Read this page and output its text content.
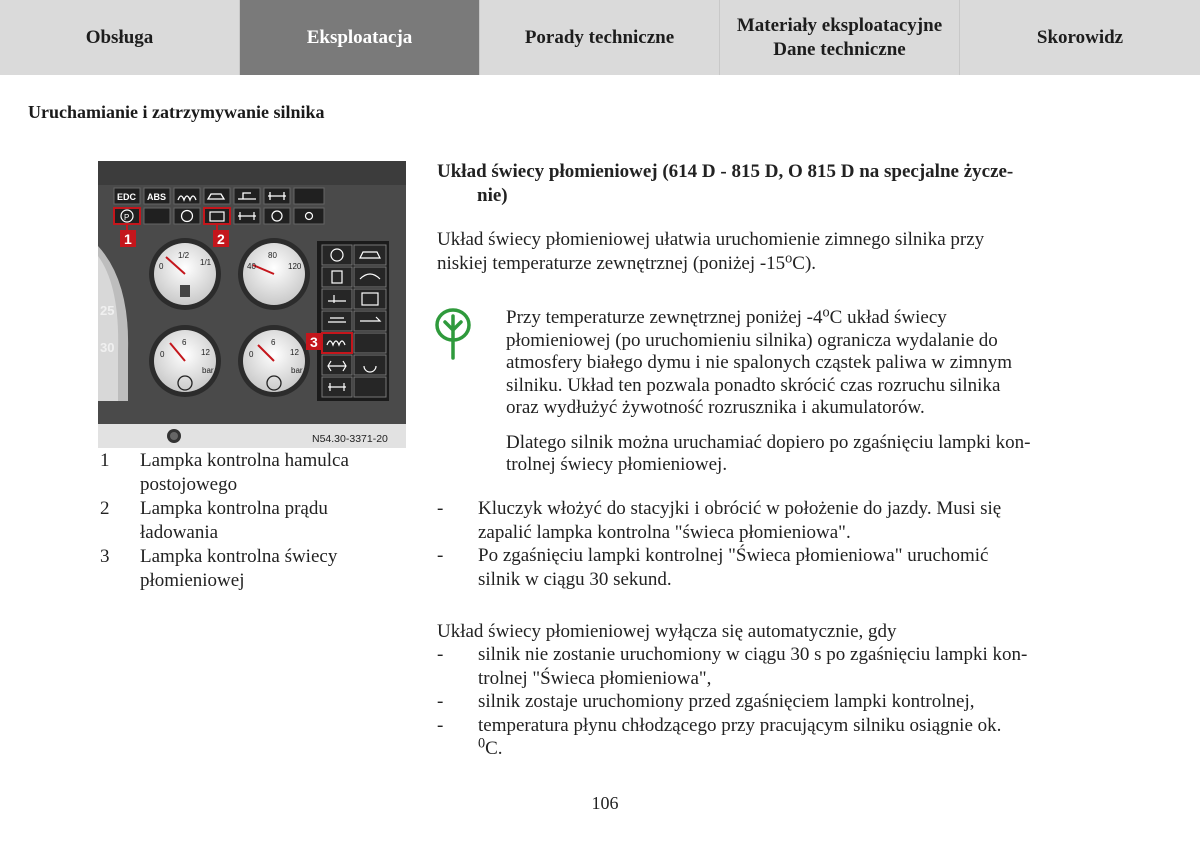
Obsługa	Eksploatacja	Porady techniczne
Materiały eksploatacyjne
Dane techniczne
Skorowidz
Uruchamianie i zatrzymywanie silnika
25
30
EDC ABS
P
1	2
0
1/2
1/1	40
80
120
0
6
12
bar
0
6
12
bar
3
N54.30-3371-20
1	Lampka kontrolna hamulca
postojowego
2	Lampka kontrolna prądu
ładowania
3	Lampka kontrolna świecy
płomieniowej
Układ świecy płomieniowej (614 D - 815 D, O 815 D na specjalne życze-
nie)
Układ świecy płomieniowej ułatwia uruchomienie zimnego silnika przy
niskiej temperaturze zewnętrznej (poniżej -15$^o$C).

Przy temperaturze zewnętrznej poniżej -4$^o$C układ świecy
płomieniowej (po uruchomieniu silnika) ogranicza wydalanie do
atmosfery białego dymu i nie spalonych cząstek paliwa w zimnym
silniku. Układ ten pozwala ponadto skrócić czas rozruchu silnika
oraz wydłużyć żywotność rozrusznika i akumulatorów.

Dlatego silnik można uruchamiać dopiero po zgaśnięciu lampki kon-
trolnej świecy płomieniowej.

-	Kluczyk włożyć do stacyjki i obrócić w położenie do jazdy. Musi się
zapalić lampka kontrolna "świeca płomieniowa".
-	Po zgaśnięciu lampki kontrolnej "Świeca płomieniowa" uruchomić
silnik w ciągu 30 sekund.
Układ świecy płomieniowej wyłącza się automatycznie, gdy
-	silnik nie zostanie uruchomiony w ciągu 30 s po zgaśnięciu lampki kon-
trolnej "Świeca płomieniowa",
-	silnik zostaje uruchomiony przed zgaśnięciem lampki kontrolnej,
-	temperatura płynu chłodzącego przy pracującym silniku osiągnie ok.
$^0$C.
106
